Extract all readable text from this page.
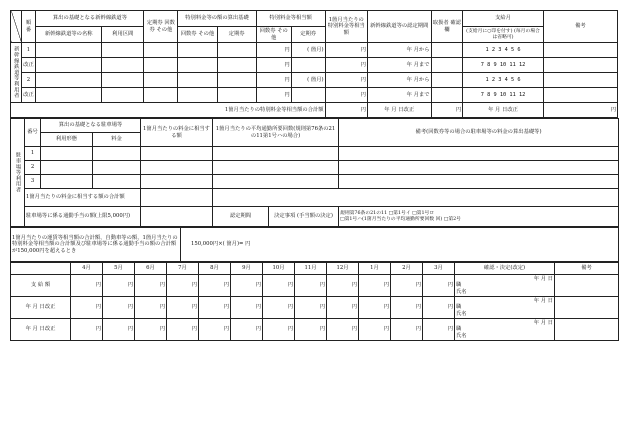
	順 番	算出の基礎となる新幹線鉄道等		定期券 回数券 その他	特別料金等の額の算出基礎		特別料金等相当額		1箇月当たりの特別料金等相当額	新幹線鉄道等の認定期間	取扱者 確認欄	支給月	備考
		新幹線鉄道等の名称	利用区間		回数券 その他	定期券	回数券 その他	定期券				(支給月に○印を付す) (毎月の場合は省略可)	
新幹線鉄道等利用者	1						円	( 箇月)	円	年 月から		1 2 3 4 5 6	
	改正						円		円	年 月まで		7 8 9 10 11 12	
	2						円	( 箇月)	円	年 月から		1 2 3 4 5 6	
	改正						円		円	年 月まで		7 8 9 10 11 12	
1箇月当たりの特別料金等相当額の合計額									円	年 月 日改正	円	年 月 日改正	円
駐車場等利用者	番号	算出の基礎となる駐車場等		1箇月当たりの料金に相当する額	1箇月当たりの平均通勤所要回数(規則第76条の21の11第1号ハの場合)		備考(回数券等の場合の駐車場等の料金の算出基礎等)
		利用形態	料金				
	1						
	2						
	3						
	1箇月当たりの料金に相当する額の合計額						
	駐車場等に係る通勤手当の額(上限5,000円)				認定期間	決定事項 (手当額の決定)	規則第76条の21の11 □第1号イ □第1号ロ
□第1号ハ(1箇月当たりの平均通勤所要回数 回) □第2号
1箇月当たりの運賃等相当額の合計額、自動車等の額、1箇月当たりの特別料金等相当額の合計額及び駐車場等に係る通勤手当の額の合計額が150,000円を超えるとき	150,000円×( 箇月)= 円
	4月	5月	6月	7月	8月	9月	10月	11月	12月	1月	2月	3月	確認・決定(改定)	備考
支 給 額	円	円	円	円	円	円	円	円	円	円	円	円	年 月 日
職
氏名	

年 月 日改正	円	円	円	円	円	円	円	円	円	円	円	円	年 月 日
職
氏名	

年 月 日改正	円	円	円	円	円	円	円	円	円	円	円	円	年 月 日
職
氏名	
